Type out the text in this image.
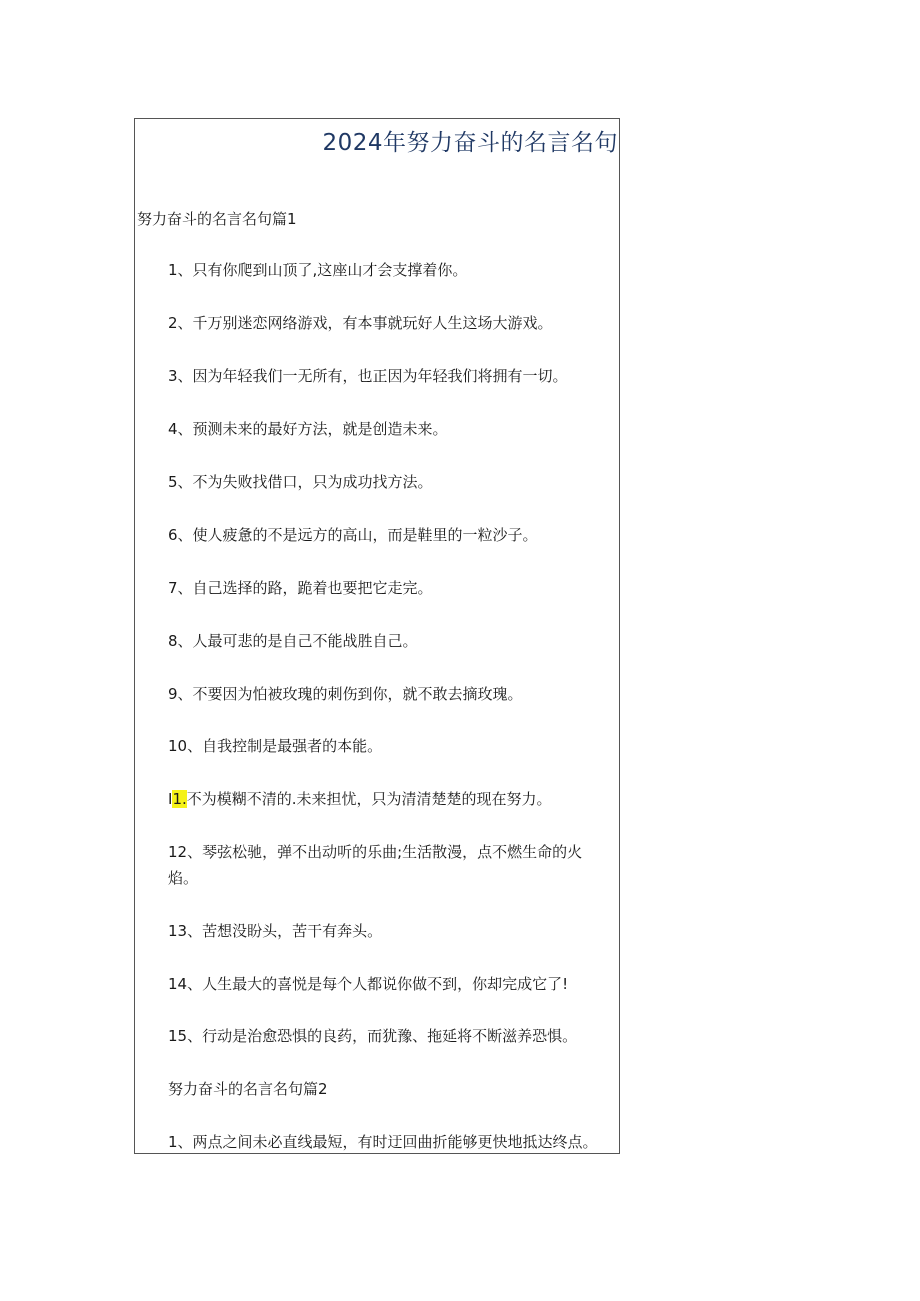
2024年努力奋斗的名言名句
努力奋斗的名言名句篇1
1、只有你爬到山顶了,这座山才会支撑着你。
2、千万别迷恋网络游戏，有本事就玩好人生这场大游戏。
3、因为年轻我们一无所有，也正因为年轻我们将拥有一切。
4、预测未来的最好方法，就是创造未来。
5、不为失败找借口，只为成功找方法。
6、使人疲惫的不是远方的高山，而是鞋里的一粒沙子。
7、自己选择的路，跪着也要把它走完。
8、人最可悲的是自己不能战胜自己。
9、不要因为怕被玫瑰的刺伤到你，就不敢去摘玫瑰。
10、自我控制是最强者的本能。
I1.不为模糊不清的.未来担忧，只为清清楚楚的现在努力。
12、琴弦松驰，弹不出动听的乐曲;生活散漫，点不燃生命的火焰。
13、苦想没盼头，苦干有奔头。
14、人生最大的喜悦是每个人都说你做不到，你却完成它了!
15、行动是治愈恐惧的良药，而犹豫、拖延将不断滋养恐惧。
努力奋斗的名言名句篇2
1、两点之间未必直线最短，有时迂回曲折能够更快地抵达终点。
